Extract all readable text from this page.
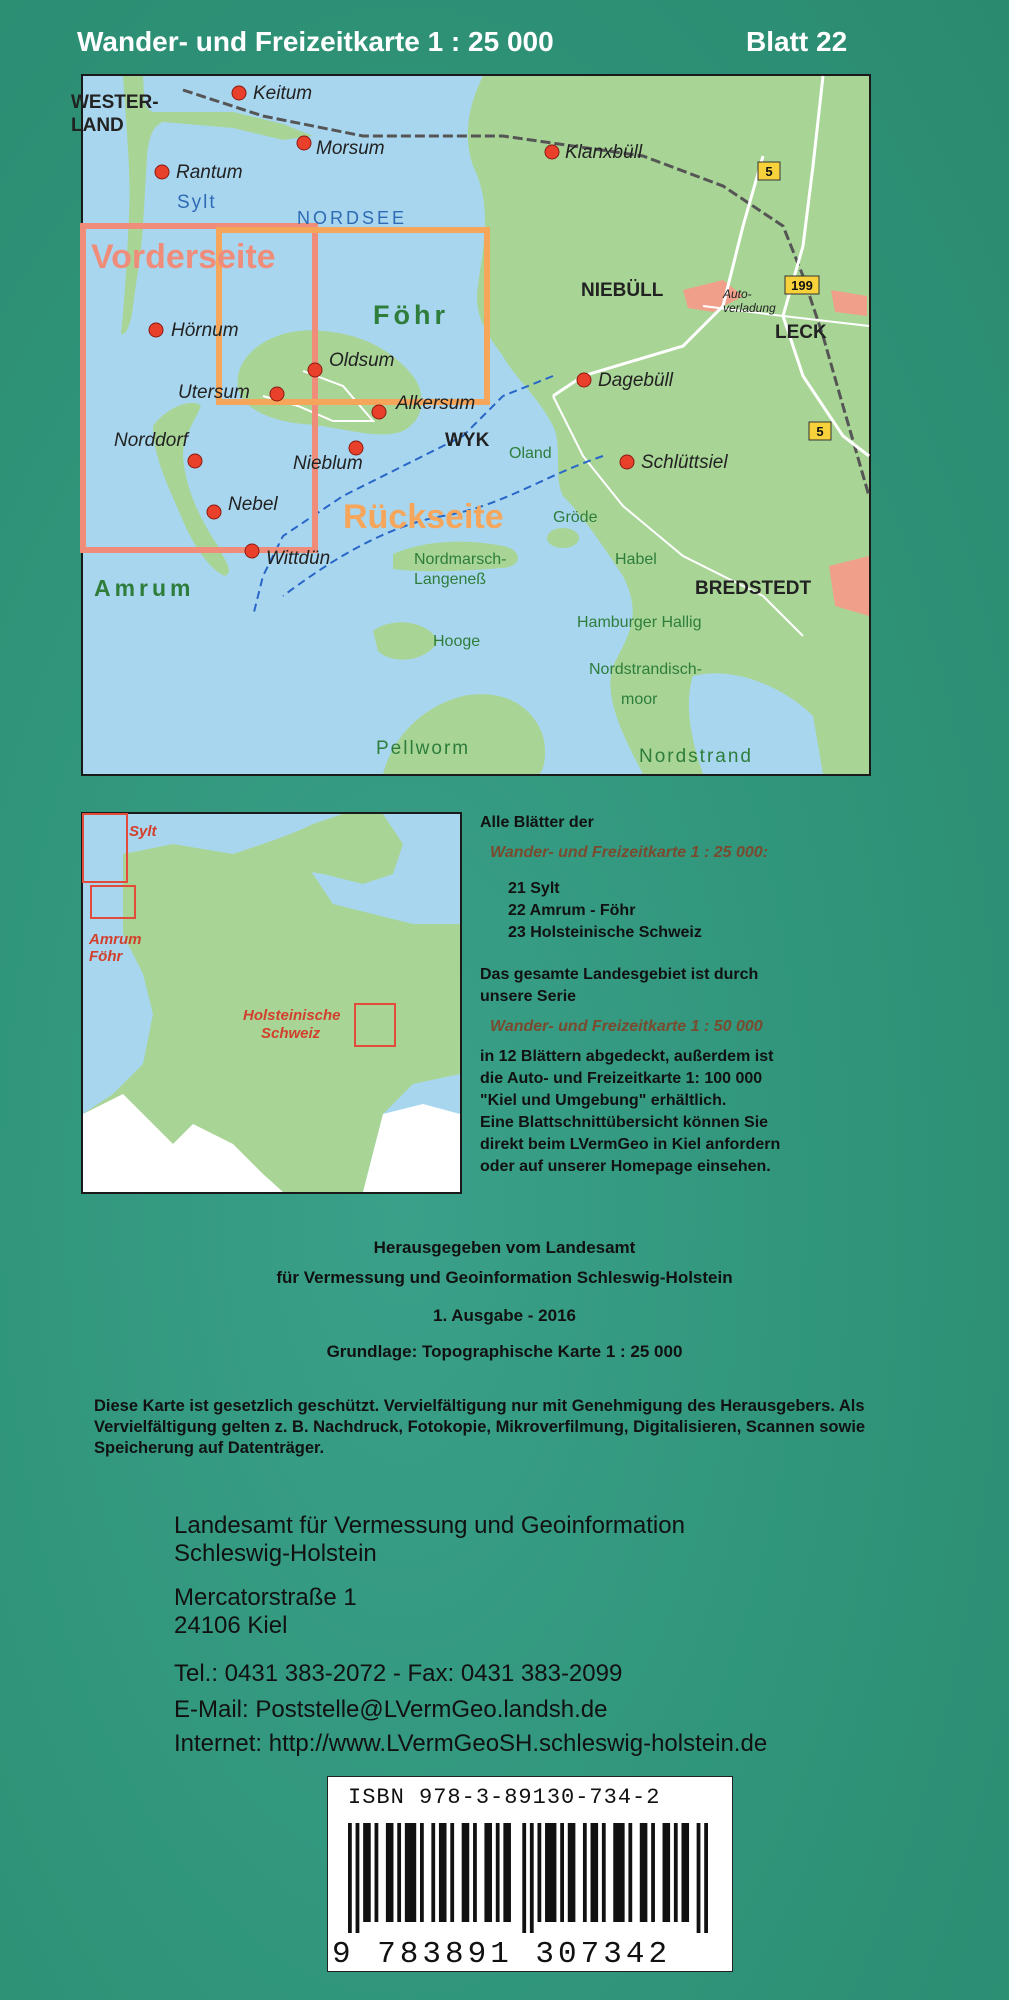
Wander- und Freizeitkarte 1 : 25 000	Blatt 22
5
5
199
WESTER-
LAND
Keitum
Morsum
Rantum
Sylt
Klanxbüll
NORDSEE
NIEBÜLL	Auto-
verladung
LECK
Hörnum
Föhr
Oldsum
Utersum
Alkersum
Dagebüll
Norddorf
Nieblum
WYK
Oland	Schlüttsiel
Nebel
Gröde
Wittdün	Nordmarsch-
Langeneß
Habel
Amrum	BREDSTEDT
Hamburger Hallig
Hooge
Nordstrandisch-
moor
Pellworm	Nordstrand
Vorderseite
Rückseite
Sylt
Amrum
Föhr
Holsteinische
Schweiz
Alle Blätter der
Wander- und Freizeitkarte 1 : 25 000:
21 Sylt
22 Amrum - Föhr
23 Holsteinische Schweiz
Das gesamte Landesgebiet ist durch
unsere Serie
Wander- und Freizeitkarte 1 : 50 000
in 12 Blättern abgedeckt, außerdem ist
die Auto- und Freizeitkarte 1: 100 000
"Kiel und Umgebung" erhältlich.
Eine Blattschnittübersicht können Sie
direkt beim LVermGeo in Kiel anfordern
oder auf unserer Homepage einsehen.
Herausgegeben vom Landesamt
für Vermessung und Geoinformation Schleswig-Holstein
1. Ausgabe - 2016
Grundlage: Topographische Karte 1 : 25 000
Diese Karte ist gesetzlich geschützt. Vervielfältigung nur mit Genehmigung des Herausgebers. Als Vervielfältigung gelten z. B. Nachdruck, Fotokopie, Mikroverfilmung, Digitalisieren, Scannen sowie Speicherung auf Datenträger.
Landesamt für Vermessung und Geoinformation
Schleswig-Holstein
Mercatorstraße 1
24106 Kiel
Tel.: 0431 383-2072 - Fax: 0431 383-2099
E-Mail: Poststelle@LVermGeo.landsh.de
Internet: http://www.LVermGeoSH.schleswig-holstein.de
ISBN 978-3-89130-734-2
9 783891 307342
